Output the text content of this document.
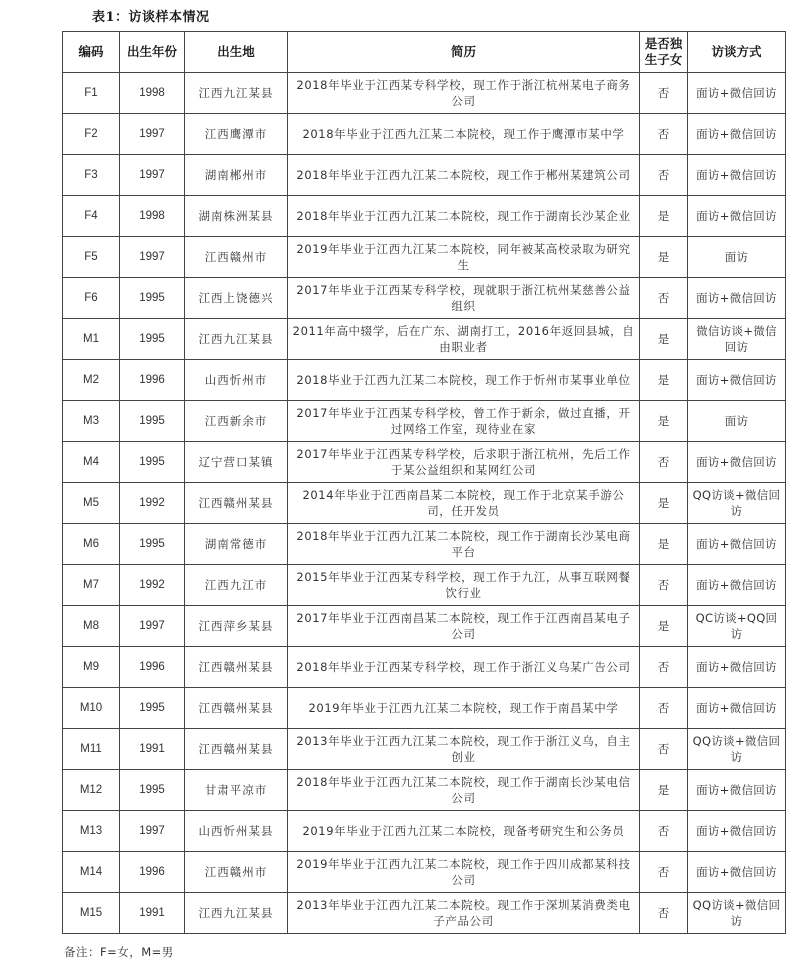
表1：访谈样本情况
编码	出生年份	出生地	简历	是否独生子女	访谈方式
F1	1998	江西九江某县	2018年毕业于江西某专科学校，现工作于浙江杭州某电子商务公司	否	面访+微信回访
F2	1997	江西鹰潭市	2018年毕业于江西九江某二本院校，现工作于鹰潭市某中学	否	面访+微信回访
F3	1997	湖南郴州市	2018年毕业于江西九江某二本院校，现工作于郴州某建筑公司	否	面访+微信回访
F4	1998	湖南株洲某县	2018年毕业于江西九江某二本院校，现工作于湖南长沙某企业	是	面访+微信回访
F5	1997	江西赣州市	2019年毕业于江西九江某二本院校，同年被某高校录取为研究生	是	面访
F6	1995	江西上饶德兴	2017年毕业于江西某专科学校，现就职于浙江杭州某慈善公益组织	否	面访+微信回访
M1	1995	江西九江某县	2011年高中辍学，后在广东、湖南打工，2016年返回县城，自由职业者	是	微信访谈+微信回访
M2	1996	山西忻州市	2018毕业于江西九江某二本院校，现工作于忻州市某事业单位	是	面访+微信回访
M3	1995	江西新余市	2017年毕业于江西某专科学校，曾工作于新余，做过直播，开过网络工作室，现待业在家	是	面访
M4	1995	辽宁营口某镇	2017年毕业于江西某专科学校，后求职于浙江杭州，先后工作于某公益组织和某网红公司	否	面访+微信回访
M5	1992	江西赣州某县	2014年毕业于江西南昌某二本院校，现工作于北京某手游公司，任开发员	是	QQ访谈+微信回访
M6	1995	湖南常德市	2018年毕业于江西九江某二本院校，现工作于湖南长沙某电商平台	是	面访+微信回访
M7	1992	江西九江市	2015年毕业于江西某专科学校，现工作于九江，从事互联网餐饮行业	否	面访+微信回访
M8	1997	江西萍乡某县	2017年毕业于江西南昌某二本院校，现工作于江西南昌某电子公司	是	QC访谈+QQ回访
M9	1996	江西赣州某县	2018年毕业于江西某专科学校，现工作于浙江义乌某广告公司	否	面访+微信回访
M10	1995	江西赣州某县	2019年毕业于江西九江某二本院校，现工作于南昌某中学	否	面访+微信回访
M11	1991	江西赣州某县	2013年毕业于江西九江某二本院校，现工作于浙江义乌，自主创业	否	QQ访谈+微信回访
M12	1995	甘肃平凉市	2018年毕业于江西九江某二本院校，现工作于湖南长沙某电信公司	是	面访+微信回访
M13	1997	山西忻州某县	2019年毕业于江西九江某二本院校，现备考研究生和公务员	否	面访+微信回访
M14	1996	江西赣州市	2019年毕业于江西九江某二本院校，现工作于四川成都某科技公司	否	面访+微信回访
M15	1991	江西九江某县	2013年毕业于江西九江某二本院校。现工作于深圳某消费类电子产品公司	否	QQ访谈+微信回访
备注：F=女，M=男
